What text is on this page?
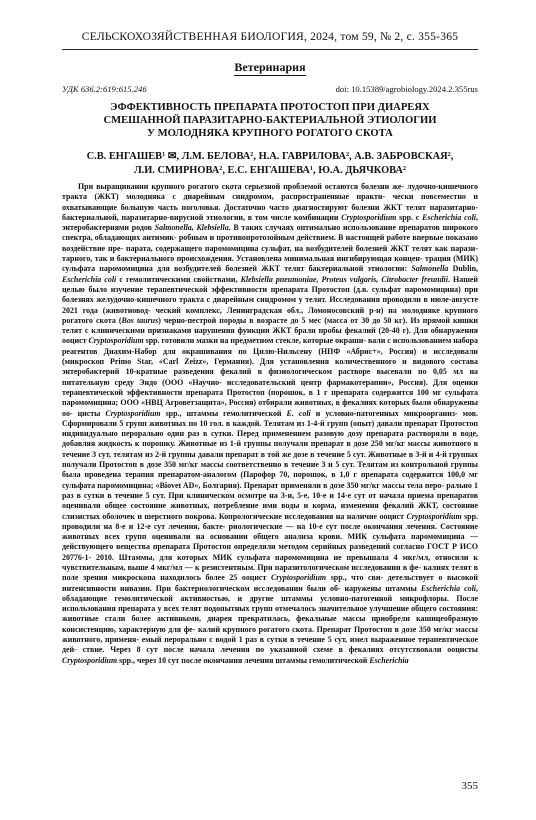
СЕЛЬСКОХОЗЯЙСТВЕННАЯ БИОЛОГИЯ, 2024, том 59, № 2, с. 355-365
Ветеринария
УДК 636.2:619:615.246	doi: 10.15389/agrobiology.2024.2.355rus
ЭФФЕКТИВНОСТЬ ПРЕПАРАТА ПРОТОСТОП ПРИ ДИАРЕЯХ
СМЕШАННОЙ ПАРАЗИТАРНО-БАКТЕРИАЛЬНОЙ ЭТИОЛОГИИ
У МОЛОДНЯКА КРУПНОГО РОГАТОГО СКОТА
С.В. ЕНГАШЕВ¹ ✉, Л.М. БЕЛОВА², Н.А. ГАВРИЛОВА², А.В. ЗАБРОВСКАЯ²,
Л.И. СМИРНОВА², Е.С. ЕНГАШЕВА¹, Ю.А. ДЬЯЧКОВА²

При выращивании крупного рогатого скота серьезной проблемой остаются болезни же- лудочно-кишечного тракта (ЖКТ) молодняка с диарейным синдромом, распространенные практи- чески повсеместно и охватывающие большую часть поголовья. Достаточно часто диагностируют болезни ЖКТ телят паразитарно-бактериальной, паразитарно-вирусной этиологии, в том числе комбинации Cryptosporidium spp. с Escherichia coli, энтеробактериями родов Salmonella, Klebsiella. В таких случаях оптимально использование препаратов широкого спектра, обладающих антимик- робным и противопротозойным действием. В настоящей работе впервые показано воздействие пре- парата, содержащего паромомицина сульфат, на возбудителей болезней ЖКТ телят как парази- тарного, так и бактериального происхождения. Установлена минимальная ингибирующая концен- трация (МИК) сульфата паромомицина для возбудителей болезней ЖКТ телят бактериальной этиологии: Salmonella Dublin, Escherichia coli с гемолитическими свойствами, Klebsiella pneumoniae, Proteus vulgaris, Citrobacter freundii. Нашей целью было изучение терапевтической эффективности препарата Протостоп (д.в. сульфат паромомицина) при болезнях желудочно-кишечного тракта с диарейным синдромом у телят. Исследования проводили в июле-августе 2021 года (животновод- ческий комплекс, Ленинградская обл., Ломоносовский р-н) на молодняке крупного рогатого скота (Bos taurus) черно-пестрой породы в возрасте до 5 мес (масса от 30 до 50 кг). Из прямой кишки телят с клиническими признаками нарушения функции ЖКТ брали пробы фекалий (20-40 г). Для обнаружения ооцист Cryptosporidium spp. готовили мазки на предметном стекле, которые окраши- вали с использованием набора реагентов Диахим-Набор для окрашивания по Цилю-Нильсену (НПФ «Абрис+», Россия) и исследовали (микроскоп Primo Star, «Carl Zeizz», Германия). Для установления количественного и видового состава энтеробактерий 10-кратные разведения фекалий в физиологическом растворе высевали по 0,05 мл на питательную среду Эндо (ООО «Научно- исследовательский центр фармакотерапии», Россия). Для оценки терапевтической эффективности препарата Протостоп (порошок, в 1 г препарата содержится 100 мг сульфата паромомицина; ООО «НВЦ Агроветзащита», Россия) отбирали животных, в фекалиях которых были обнаружены оо- цисты Cryptosporidium spp., штаммы гемолитической E. coli и условно-патогенных микроорганиз- мов. Сформировали 5 групп животных по 10 гол. в каждой. Телятам из 1-4-й групп (опыт) давали препарат Протостоп индивидуально перорально один раз в сутки. Перед применением разовую дозу препарата растворяли в воде, добавляя жидкость к порошку. Животные из 1-й группы получали препарат в дозе 250 мг/кг массы животного в течение 3 сут, телятам из 2-й группы давали препарат в той же дозе в течение 5 сут. Животные в 3-й и 4-й группах получали Протостоп в дозе 350 мг/кг массы соответственно в течение 3 и 5 сут. Телятам из контрольной группы была проведена терапия препаратом-аналогом (Парофор 70, порошок, в 1,0 г препарата содержится 100,0 мг сульфата паромомицина; «Biovet AD», Болгария). Препарат применяли в дозе 350 мг/кг массы тела перо- рально 1 раз в сутки в течение 5 сут. При клиническом осмотре на 3-и, 5-е, 10-е и 14-е сут от начала приема препаратов оценивали общее состояние животных, потребление ими воды и корма, изменения фекалий ЖКТ, состояние слизистых оболочек и шерстного покрова. Копрологические исследования на наличие ооцист Cryptosporidium spp. проводили на 8-е и 12-е сут лечения, бакте- риологические — на 10-е сут после окончания лечения. Состояние животных всех групп оценивали на основании общего анализа крови. МИК сульфата паромомицина — действующего вещества препарата Протостоп определяли методом серийных разведений согласно ГОСТ Р ИСО 20776-1- 2010. Штаммы, для которых МИК сульфата паромомицина не превышала 4 мкг/мл, относили к чувствительным, выше 4 мкг/мл — к резистентным. При паразитологическом исследовании в фе- калиях телят в поле зрения микроскопа находилось более 25 ооцист Cryptosporidium spp., что сви- детельствует о высокой интенсивности инвазии. При бактериологическом исследовании были об- наружены штаммы Escherichia coli, обладающие гемолитической активностью, и другие штаммы условно-патогенной микрофлоры. После использования препарата у всех телят подопытных групп отмечалось значительное улучшение общего состояния: животные стали более активными, диарея прекратилась, фекальные массы приобрели кашицеобразную консистенцию, характерную для фе- калий крупного рогатого скота. Препарат Протостоп в дозе 350 мг/кг массы животного, применя- емый перорально с водой 1 раз в сутки в течение 5 сут, имел выраженное терапевтическое дей- ствие. Через 8 сут после начала лечения по указанной схеме в фекалиях отсутствовали ооцисты Cryptosporidium spp., через 10 сут после окончания лечения штаммы гемолитической Escherichia

355
